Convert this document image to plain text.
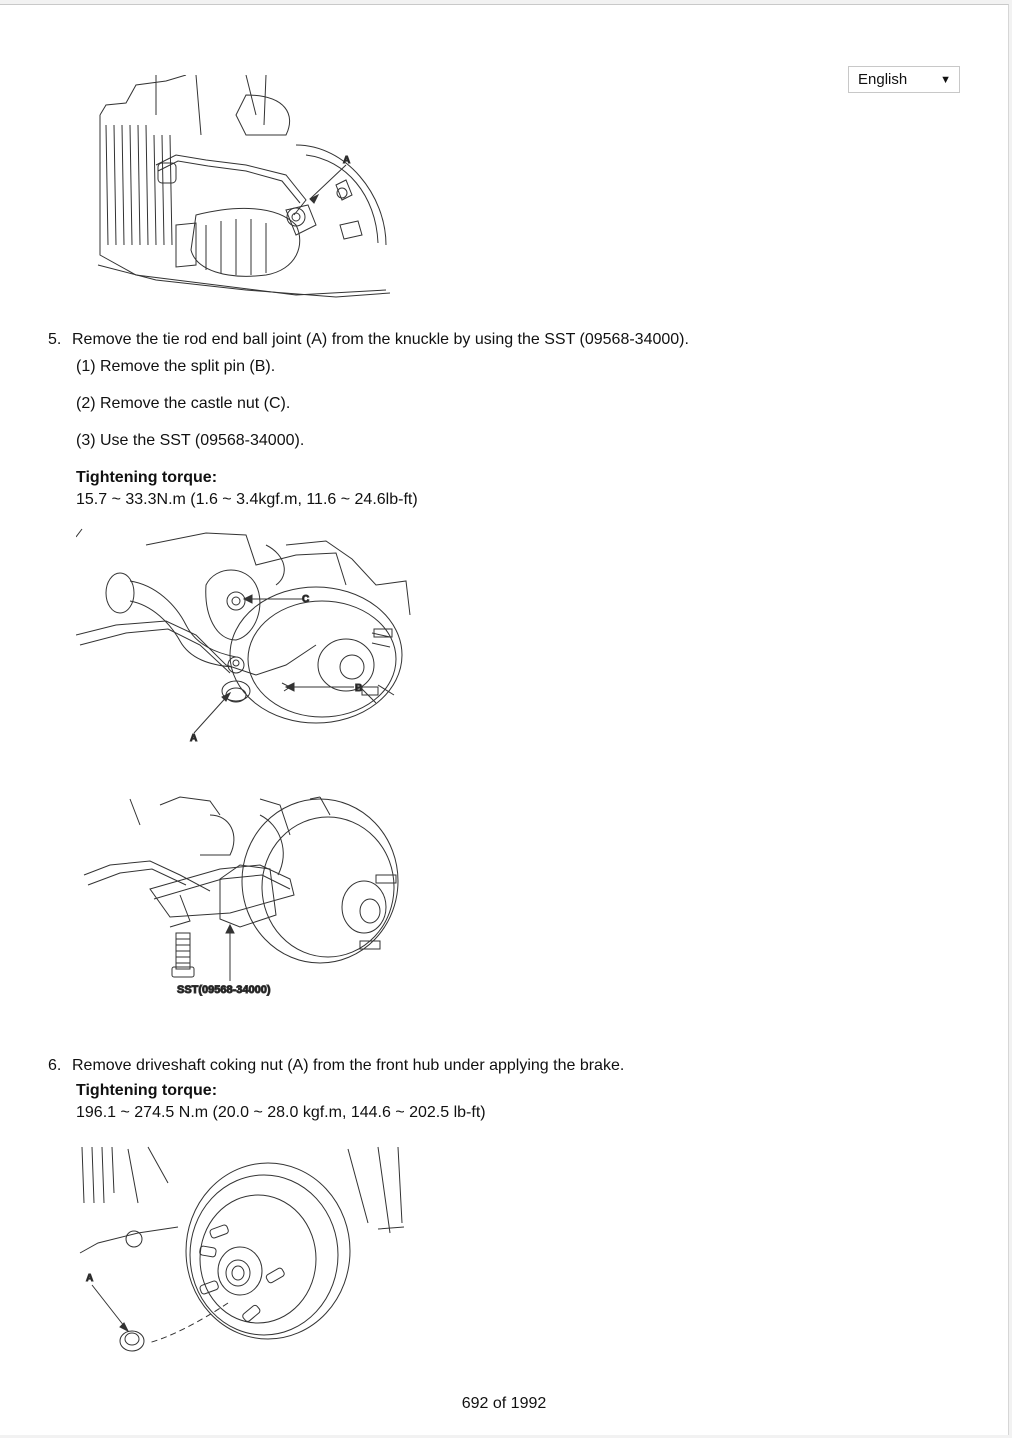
English	▼
A
5. Remove the tie rod end ball joint (A) from the knuckle by using the SST (09568-34000).
(1) Remove the split pin (B).
(2) Remove the castle nut (C).
(3) Use the SST (09568-34000).
Tightening torque:
15.7 ~ 33.3N.m (1.6 ~ 3.4kgf.m, 11.6 ~ 24.6lb-ft)
C
B
A
SST(09568-34000)
6. Remove driveshaft coking nut (A) from the front hub under applying the brake.
Tightening torque:
196.1 ~ 274.5 N.m (20.0 ~ 28.0 kgf.m, 144.6 ~ 202.5 lb-ft)
A
692 of 1992
